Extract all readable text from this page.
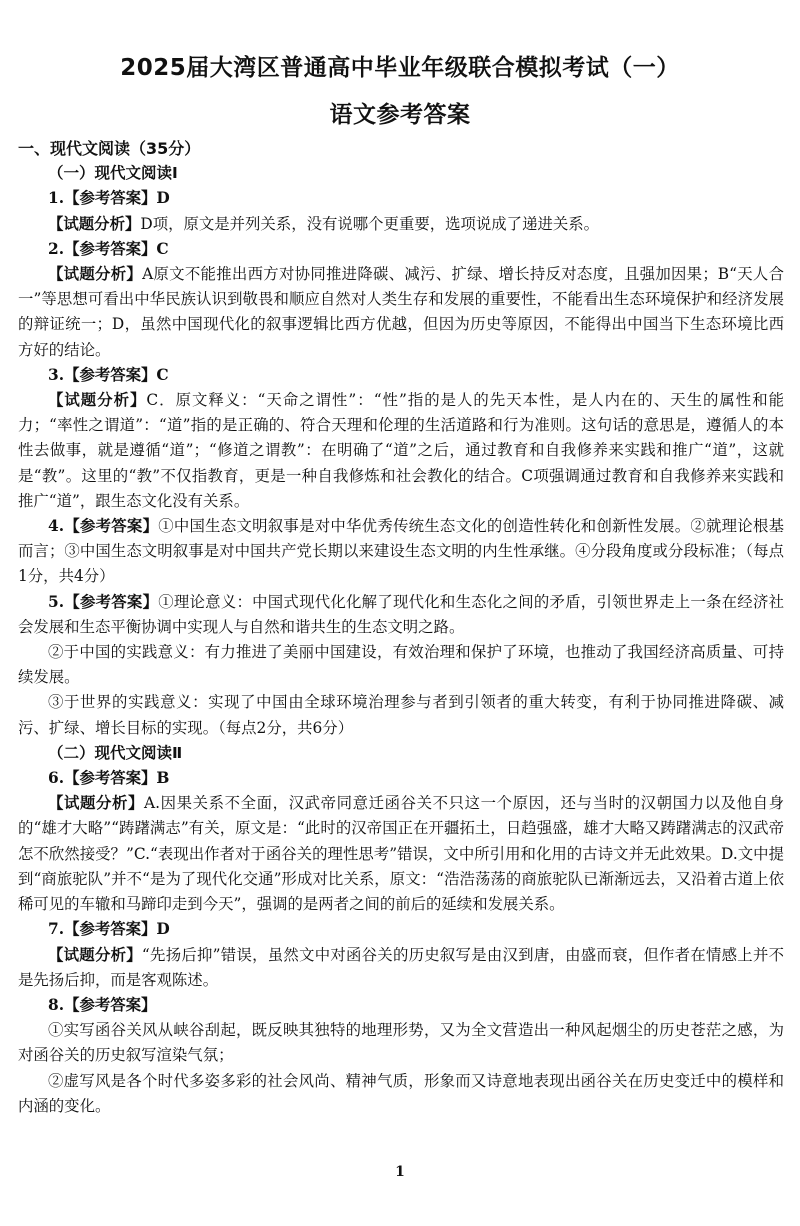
2025届大湾区普通高中毕业年级联合模拟考试（一）
语文参考答案

一、现代文阅读（35分）

（一）现代文阅读Ⅰ

1.【参考答案】D

【试题分析】D项，原文是并列关系，没有说哪个更重要，选项说成了递进关系。

2.【参考答案】C

【试题分析】A原文不能推出西方对协同推进降碳、减污、扩绿、增长持反对态度，且强加因果；B“天人合一”等思想可看出中华民族认识到敬畏和顺应自然对人类生存和发展的重要性，不能看出生态环境保护和经济发展的辩证统一；D，虽然中国现代化的叙事逻辑比西方优越，但因为历史等原因，不能得出中国当下生态环境比西方好的结论。

3.【参考答案】C

【试题分析】C．原文释义：“天命之谓性”：“性”指的是人的先天本性，是人内在的、天生的属性和能力；“率性之谓道”：“道”指的是正确的、符合天理和伦理的生活道路和行为准则。这句话的意思是，遵循人的本性去做事，就是遵循“道”；“修道之谓教”：在明确了“道”之后，通过教育和自我修养来实践和推广“道”，这就是“教”。这里的“教”不仅指教育，更是一种自我修炼和社会教化的结合。C项强调通过教育和自我修养来实践和推广“道”，跟生态文化没有关系。

4.【参考答案】①中国生态文明叙事是对中华优秀传统生态文化的创造性转化和创新性发展。②就理论根基而言；③中国生态文明叙事是对中国共产党长期以来建设生态文明的内生性承继。④分段角度或分段标准；（每点1分，共4分）

5.【参考答案】①理论意义：中国式现代化化解了现代化和生态化之间的矛盾，引领世界走上一条在经济社会发展和生态平衡协调中实现人与自然和谐共生的生态文明之路。

②于中国的实践意义：有力推进了美丽中国建设，有效治理和保护了环境，也推动了我国经济高质量、可持续发展。

③于世界的实践意义：实现了中国由全球环境治理参与者到引领者的重大转变，有利于协同推进降碳、减污、扩绿、增长目标的实现。（每点2分，共6分）

（二）现代文阅读Ⅱ

6.【参考答案】B

【试题分析】A.因果关系不全面，汉武帝同意迁函谷关不只这一个原因，还与当时的汉朝国力以及他自身的“雄才大略”“踌躇满志”有关，原文是：“此时的汉帝国正在开疆拓土，日趋强盛，雄才大略又踌躇满志的汉武帝怎不欣然接受？”C.“表现出作者对于函谷关的理性思考”错误，文中所引用和化用的古诗文并无此效果。D.文中提到“商旅驼队”并不“是为了现代化交通”形成对比关系，原文：“浩浩荡荡的商旅驼队已渐渐远去，又沿着古道上依稀可见的车辙和马蹄印走到今天”，强调的是两者之间的前后的延续和发展关系。

7.【参考答案】D

【试题分析】“先扬后抑”错误，虽然文中对函谷关的历史叙写是由汉到唐，由盛而衰，但作者在情感上并不是先扬后抑，而是客观陈述。

8.【参考答案】

①实写函谷关风从峡谷刮起，既反映其独特的地理形势，又为全文营造出一种风起烟尘的历史苍茫之感，为对函谷关的历史叙写渲染气氛；

②虚写风是各个时代多姿多彩的社会风尚、精神气质，形象而又诗意地表现出函谷关在历史变迁中的模样和内涵的变化。

1
